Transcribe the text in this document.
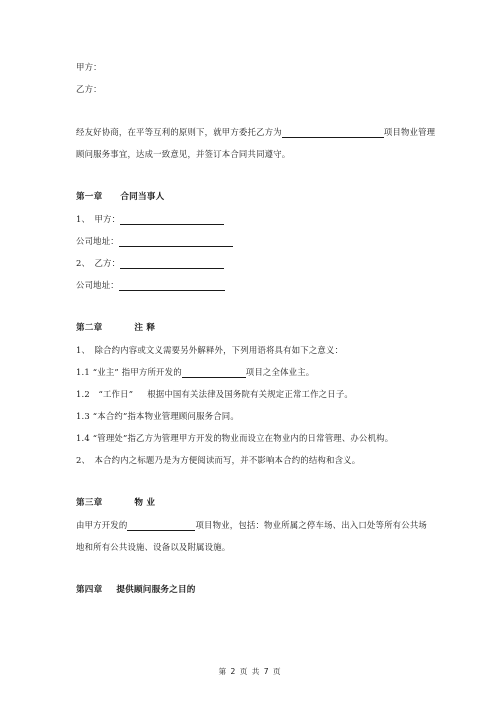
甲方：
乙方：
经友好协商，在平等互利的原则下，就甲方委托乙方为	项目物业管理
顾问服务事宜，达成一致意见，并签订本合同共同遵守。
第一章 合同当事人
1、　甲方：
公司地址：
2、　乙方：
公司地址：
第二章	注 释
1、　除合约内容或文义需要另外解释外，下列用语将具有如下之意义：
1.1 “业主” 指甲方所开发的	项目之全体业主。
1.2　“工作日” 根据中国有关法律及国务院有关规定正常工作之日子。
1.3 “本合约”指本物业管理顾问服务合同。
1.4 “管理处”指乙方为管理甲方开发的物业而设立在物业内的日常管理、办公机构。
2、　本合约内之标题乃是为方便阅读而写，并不影响本合约的结构和含义。
第三章	物 业
由甲方开发的	项目物业，包括：物业所属之停车场、出入口处等所有公共场
地和所有公共设施、设备以及附属设施。
第四章 提供顾问服务之目的
第 2 页 共 7 页
